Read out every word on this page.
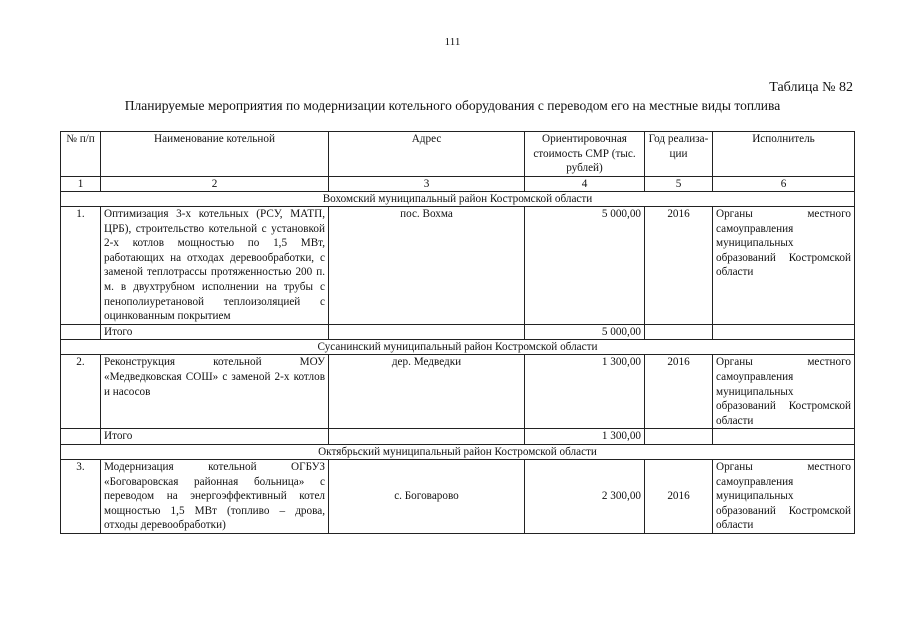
111
Таблица № 82
Планируемые мероприятия по модернизации котельного оборудования с переводом его на местные виды топлива
№ п/п	Наименование котельной	Адрес	Ориентировочная стоимость СМР (тыс. рублей)	Год реализа-ции	Исполнитель
1	2	3	4	5	6
Вохомский муниципальный район Костромской области					
1.	Оптимизация 3-х котельных (РСУ, МАТП, ЦРБ), строительство котельной с установкой 2-х котлов мощностью по 1,5 МВт, работающих на отходах деревообработки, с заменой теплотрассы протяженностью 200 п. м. в двухтрубном исполнении на трубы с пенополиуретановой теплоизоляцией с оцинкованным покрытием	пос. Вохма	5 000,00	2016	Органы местного самоуправления муниципальных образований Костромской области
	Итого		5 000,00		
Сусанинский муниципальный район Костромской области					
2.	Реконструкция котельной МОУ «Медведковская СОШ» с заменой 2-х котлов и насосов	дер. Медведки	1 300,00	2016	Органы местного самоуправления муниципальных образований Костромской области
	Итого		1 300,00		
Октябрьский муниципальный район Костромской области					
3.	Модернизация котельной ОГБУЗ «Боговаровская районная больница» с переводом на энергоэффективный котел мощностью 1,5 МВт (топливо – дрова, отходы деревообработки)	с. Боговарово	2 300,00	2016	Органы местного самоуправления муниципальных образований Костромской области
